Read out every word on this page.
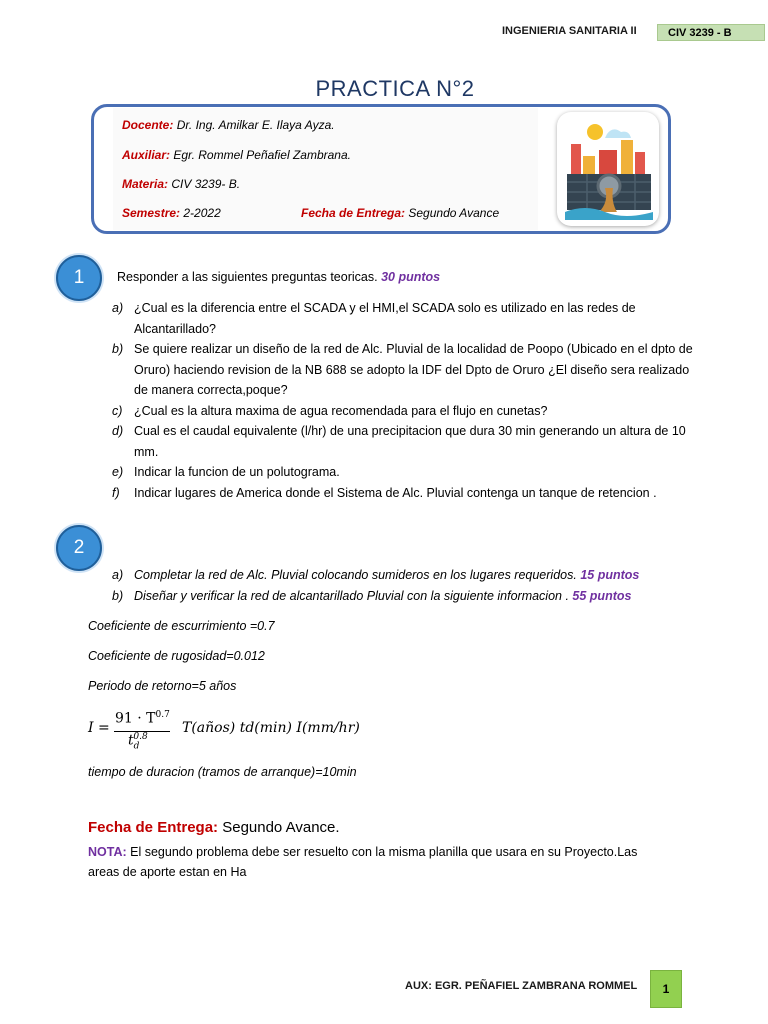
INGENIERIA SANITARIA II	CIV 3239 - B
PRACTICA N°2
Docente: Dr. Ing. Amilkar E. Ilaya Ayza.
Auxiliar: Egr. Rommel Peñafiel Zambrana.
Materia: CIV 3239- B.
Semestre: 2-2022	Fecha de Entrega: Segundo Avance
1	Responder a las siguientes preguntas teoricas. 30 puntos
a) ¿Cual es la diferencia entre el SCADA y el HMI,el SCADA solo es utilizado en las redes de Alcantarillado?
b) Se quiere realizar un diseño de la red de Alc. Pluvial de la localidad de Poopo (Ubicado en el dpto de Oruro) haciendo revision de la NB 688 se adopto la IDF del Dpto de Oruro ¿El diseño sera realizado de manera correcta,poque?
c) ¿Cual es la altura maxima de agua recomendada para el flujo en cunetas?
d) Cual es el caudal equivalente (l/hr) de una precipitacion que dura 30 min generando un altura de 10 mm.
e) Indicar la funcion de un polutograma.
f) Indicar lugares de America donde el Sistema de Alc. Pluvial contenga un tanque de retencion .
2
a) Completar la red de Alc. Pluvial colocando sumideros en los lugares requeridos. 15 puntos
b) Diseñar y verificar la red de alcantarillado Pluvial con la siguiente informacion . 55 puntos
Coeficiente de escurrimiento =0.7
Coeficiente de rugosidad=0.012
Periodo de retorno=5 años
I =
$91 \cdot T^{0.7}$
$t_d^{0.8}$
T(años) td(min) I(mm/hr)
tiempo de duracion (tramos de arranque)=10min
Fecha de Entrega: Segundo Avance.
NOTA: El segundo problema debe ser resuelto con la misma planilla que usara en su Proyecto.Las areas de aporte estan en Ha
AUX: EGR. PEÑAFIEL ZAMBRANA ROMMEL	1
